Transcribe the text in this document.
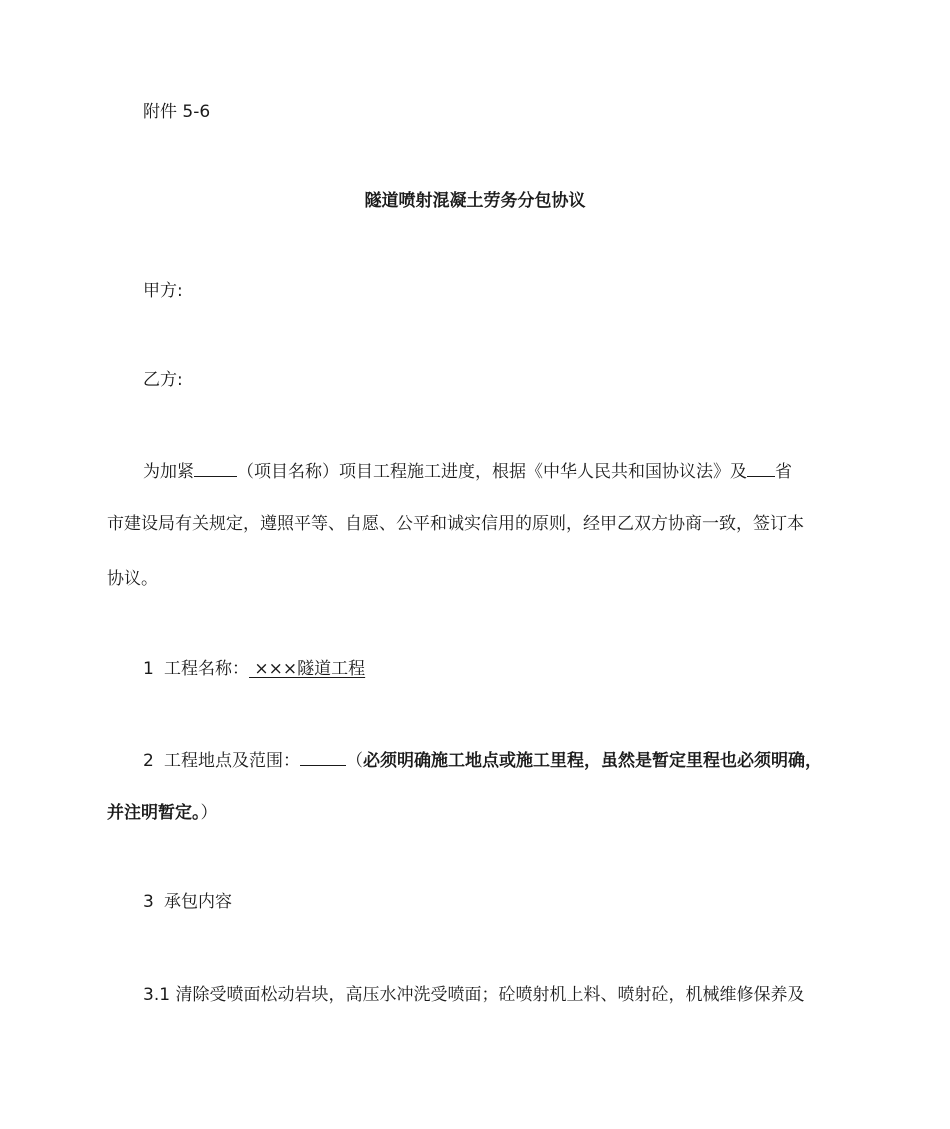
附件 5-6
隧道喷射混凝土劳务分包协议
甲方:
乙方:
为加紧	（项目名称）项目工程施工进度，根据《中华人民共和国协议法》及 省
市建设局有关规定，遵照平等、自愿、公平和诚实信用的原则，经甲乙双方协商一致，签订本
协议。
1 工程名称： ×××隧道工程
2 工程地点及范围：	（必须明确施工地点或施工里程，虽然是暂定里程也必须明确，
并注明暂定。）
3 承包内容
3.1 清除受喷面松动岩块，高压水冲洗受喷面；砼喷射机上料、喷射砼，机械维修保养及
